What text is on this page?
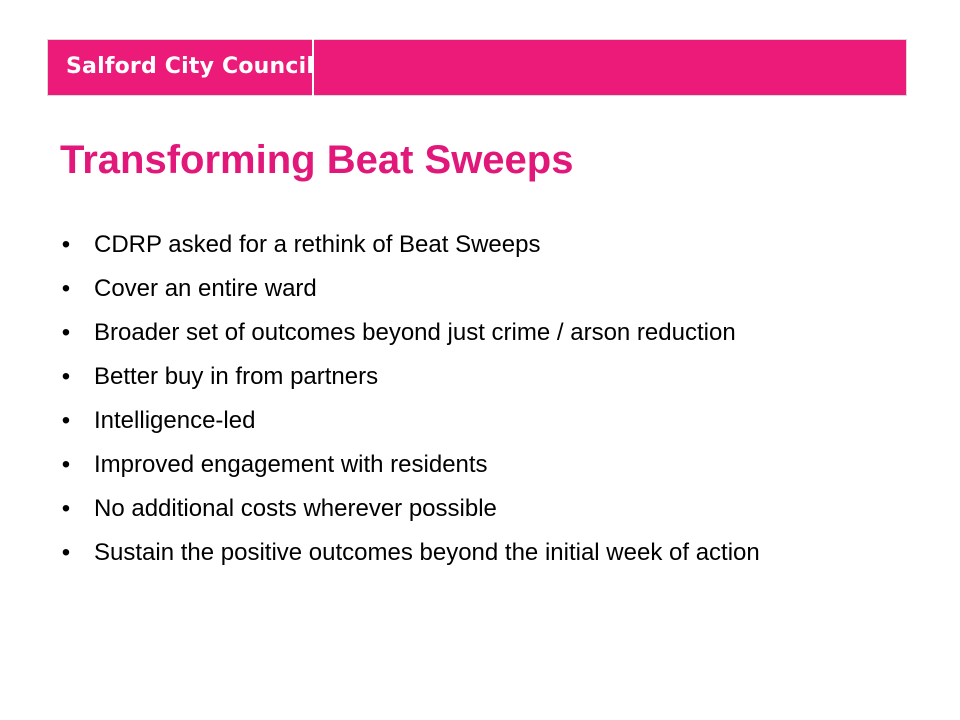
Salford City Council
Transforming Beat Sweeps
• CDRP asked for a rethink of Beat Sweeps
• Cover an entire ward
• Broader set of outcomes beyond just crime / arson reduction
• Better buy in from partners
• Intelligence-led
• Improved engagement with residents
• No additional costs wherever possible
• Sustain the positive outcomes beyond the initial week of action
